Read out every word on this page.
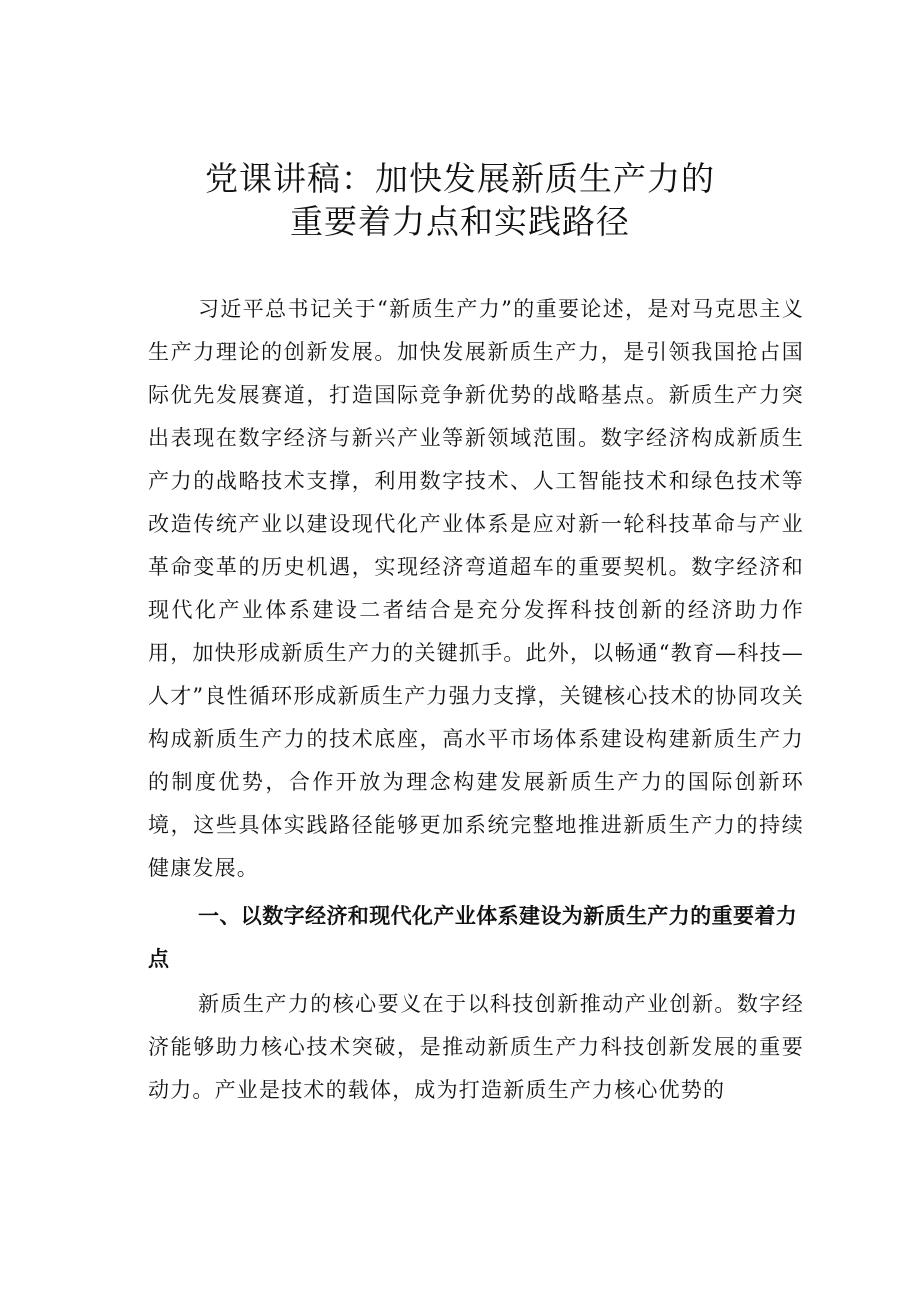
党课讲稿：加快发展新质生产力的
重要着力点和实践路径

习近平总书记关于“新质生产力”的重要论述，是对马克思主义生产力理论的创新发展。加快发展新质生产力，是引领我国抢占国际优先发展赛道，打造国际竞争新优势的战略基点。新质生产力突出表现在数字经济与新兴产业等新领域范围。数字经济构成新质生产力的战略技术支撑，利用数字技术、人工智能技术和绿色技术等改造传统产业以建设现代化产业体系是应对新一轮科技革命与产业革命变革的历史机遇，实现经济弯道超车的重要契机。数字经济和现代化产业体系建设二者结合是充分发挥科技创新的经济助力作用，加快形成新质生产力的关键抓手。此外，以畅通“教育—科技—人才”良性循环形成新质生产力强力支撑，关键核心技术的协同攻关构成新质生产力的技术底座，高水平市场体系建设构建新质生产力的制度优势，合作开放为理念构建发展新质生产力的国际创新环境，这些具体实践路径能够更加系统完整地推进新质生产力的持续健康发展。

一、以数字经济和现代化产业体系建设为新质生产力的重要着力点

新质生产力的核心要义在于以科技创新推动产业创新。数字经济能够助力核心技术突破，是推动新质生产力科技创新发展的重要动力。产业是技术的载体，成为打造新质生产力核心优势的
